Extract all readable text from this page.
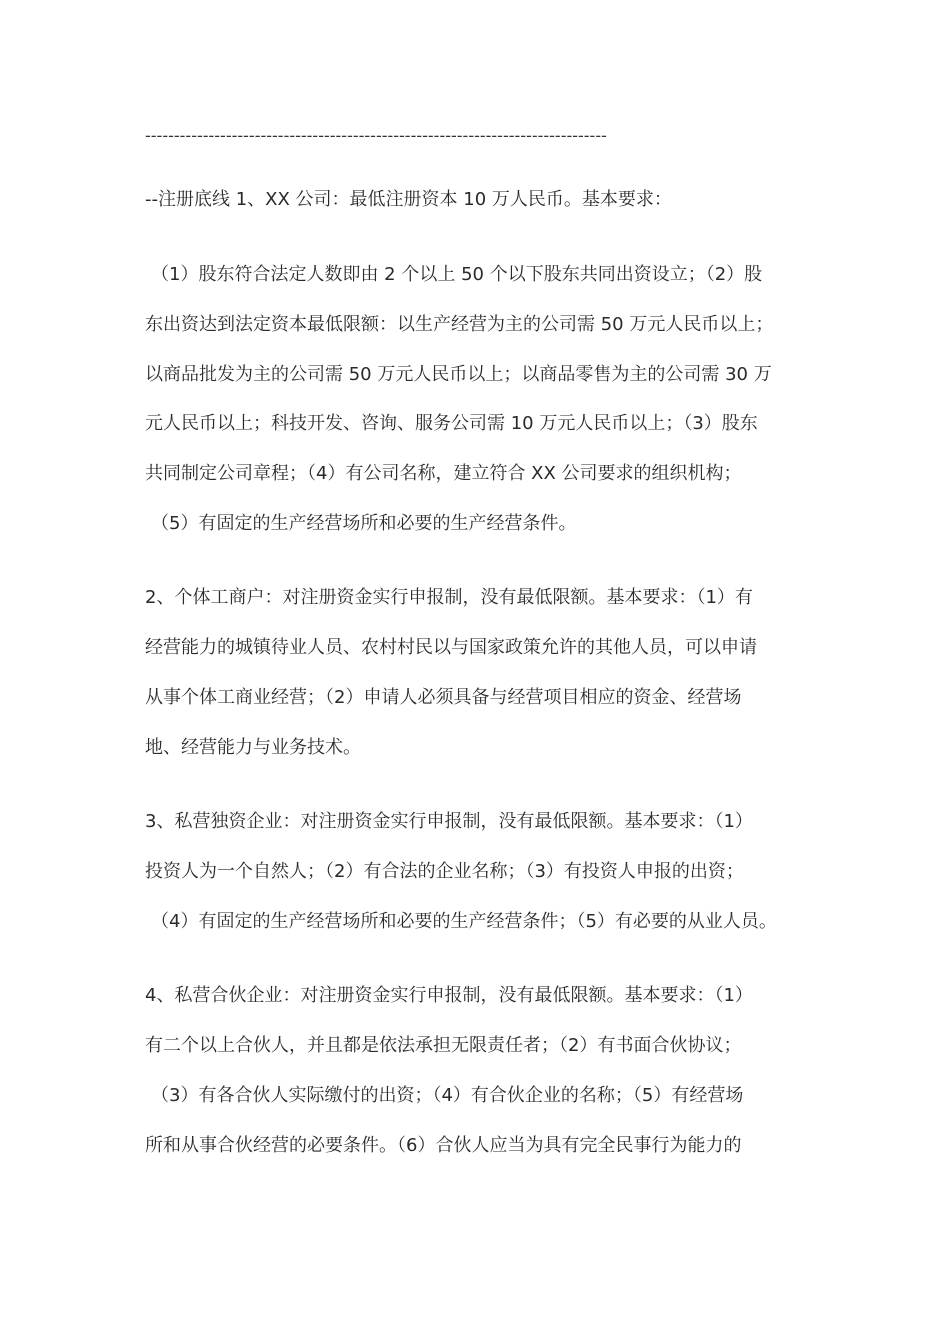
--------------------------------------------------------------------------------
--注册底线 1、XX 公司：最低注册资本 10 万人民币。基本要求：
（1）股东符合法定人数即由 2 个以上 50 个以下股东共同出资设立；（2）股
东出资达到法定资本最低限额：以生产经营为主的公司需 50 万元人民币以上；
以商品批发为主的公司需 50 万元人民币以上；以商品零售为主的公司需 30 万
元人民币以上；科技开发、咨询、服务公司需 10 万元人民币以上；（3）股东
共同制定公司章程；（4）有公司名称，建立符合 XX 公司要求的组织机构；
（5）有固定的生产经营场所和必要的生产经营条件。
2、个体工商户：对注册资金实行申报制，没有最低限额。基本要求：（1）有
经营能力的城镇待业人员、农村村民以与国家政策允许的其他人员，可以申请
从事个体工商业经营；（2）申请人必须具备与经营项目相应的资金、经营场
地、经营能力与业务技术。
3、私营独资企业：对注册资金实行申报制，没有最低限额。基本要求：（1）
投资人为一个自然人；（2）有合法的企业名称；（3）有投资人申报的出资；
（4）有固定的生产经营场所和必要的生产经营条件；（5）有必要的从业人员。
4、私营合伙企业：对注册资金实行申报制，没有最低限额。基本要求：（1）
有二个以上合伙人，并且都是依法承担无限责任者；（2）有书面合伙协议；
（3）有各合伙人实际缴付的出资；（4）有合伙企业的名称；（5）有经营场
所和从事合伙经营的必要条件。（6）合伙人应当为具有完全民事行为能力的
